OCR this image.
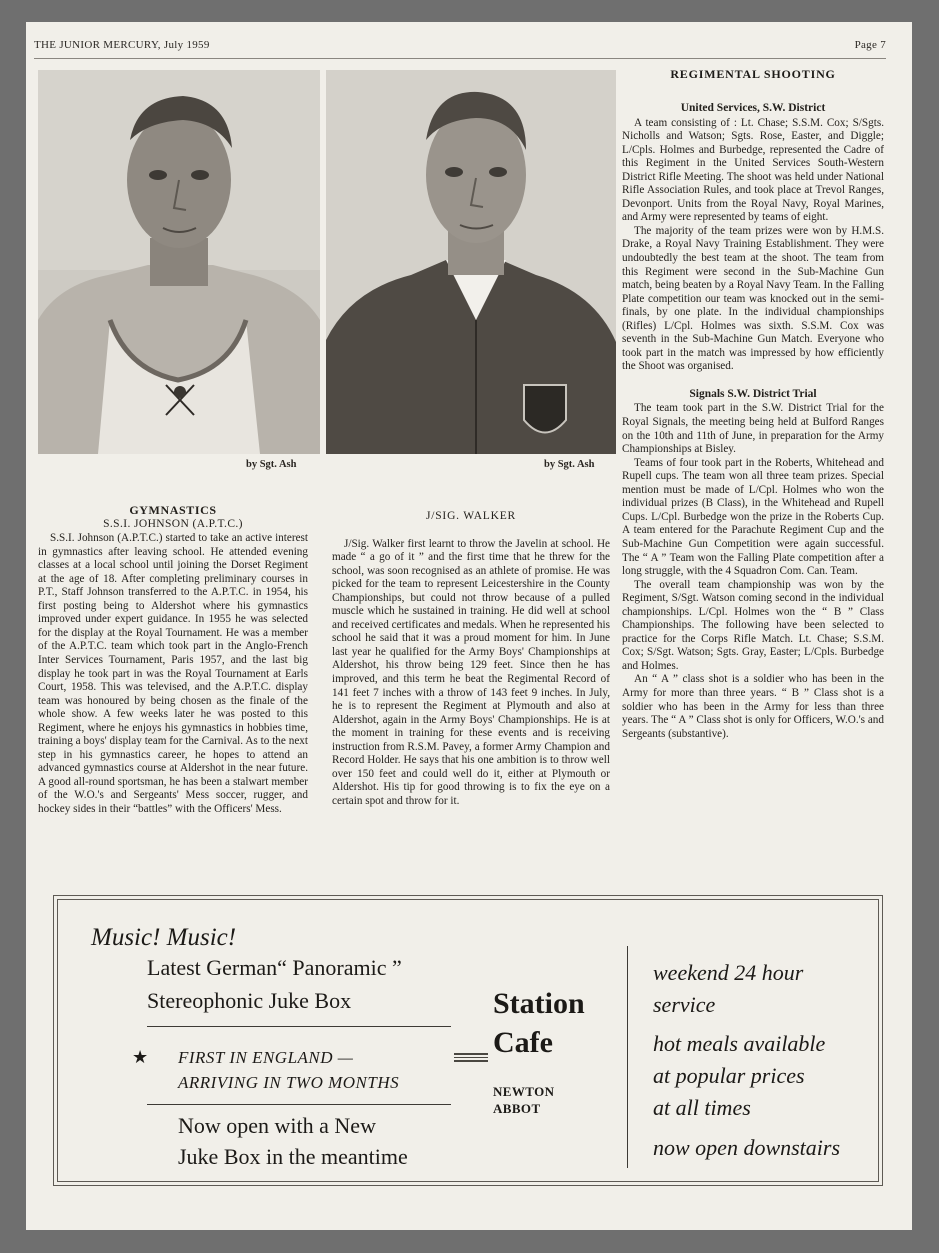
THE JUNIOR MERCURY, July 1959	Page 7
by Sgt. Ash	by Sgt. Ash
GYMNASTICS
S.S.I. JOHNSON (A.P.T.C.)

S.S.I. Johnson (A.P.T.C.) started to take an active interest in gymnastics after leaving school. He attended evening classes at a local school until joining the Dorset Regiment at the age of 18. After completing preliminary courses in P.T., Staff Johnson transferred to the A.P.T.C. in 1954, his first posting being to Aldershot where his gymnastics improved under expert guidance. In 1955 he was selected for the display at the Royal Tournament. He was a member of the A.P.T.C. team which took part in the Anglo-French Inter Services Tournament, Paris 1957, and the last big display he took part in was the Royal Tournament at Earls Court, 1958. This was televised, and the A.P.T.C. display team was honoured by being chosen as the finale of the whole show. A few weeks later he was posted to this Regiment, where he enjoys his gymnastics in hobbies time, training a boys' display team for the Carnival. As to the next step in his gymnastics career, he hopes to attend an advanced gymnastics course at Aldershot in the near future. A good all-round sportsman, he has been a stalwart member of the W.O.'s and Sergeants' Mess soccer, rugger, and hockey sides in their “battles” with the Officers' Mess.

J/SIG. WALKER

J/Sig. Walker first learnt to throw the Javelin at school. He made “ a go of it ” and the first time that he threw for the school, was soon recognised as an athlete of promise. He was picked for the team to represent Leicestershire in the County Championships, but could not throw because of a pulled muscle which he sustained in training. He did well at school and received certificates and medals. When he represented his school he said that it was a proud moment for him. In June last year he qualified for the Army Boys' Championships at Aldershot, his throw being 129 feet. Since then he has improved, and this term he beat the Regimental Record of 141 feet 7 inches with a throw of 143 feet 9 inches. In July, he is to represent the Regiment at Plymouth and also at Aldershot, again in the Army Boys' Championships. He is at the moment in training for these events and is receiving instruction from R.S.M. Pavey, a former Army Champion and Record Holder. He says that his one ambition is to throw well over 150 feet and could well do it, either at Plymouth or Aldershot. His tip for good throwing is to fix the eye on a certain spot and throw for it.

REGIMENTAL SHOOTING
United Services, S.W. District

A team consisting of : Lt. Chase; S.S.M. Cox; S/Sgts. Nicholls and Watson; Sgts. Rose, Easter, and Diggle; L/Cpls. Holmes and Burbedge, represented the Cadre of this Regiment in the United Services South-Western District Rifle Meeting. The shoot was held under National Rifle Association Rules, and took place at Trevol Ranges, Devonport. Units from the Royal Navy, Royal Marines, and Army were represented by teams of eight.

The majority of the team prizes were won by H.M.S. Drake, a Royal Navy Training Establishment. They were undoubtedly the best team at the shoot. The team from this Regiment were second in the Sub-Machine Gun match, being beaten by a Royal Navy Team. In the Falling Plate competition our team was knocked out in the semi-finals, by one plate. In the individual championships (Rifles) L/Cpl. Holmes was sixth. S.S.M. Cox was seventh in the Sub-Machine Gun Match. Everyone who took part in the match was impressed by how efficiently the Shoot was organised.

Signals S.W. District Trial

The team took part in the S.W. District Trial for the Royal Signals, the meeting being held at Bulford Ranges on the 10th and 11th of June, in preparation for the Army Championships at Bisley.

Teams of four took part in the Roberts, Whitehead and Rupell cups. The team won all three team prizes. Special mention must be made of L/Cpl. Holmes who won the individual prizes (B Class), in the Whitehead and Rupell Cups. L/Cpl. Burbedge won the prize in the Roberts Cup. A team entered for the Parachute Regiment Cup and the Sub-Machine Gun Competition were again successful. The “ A ” Team won the Falling Plate competition after a long struggle, with the 4 Squadron Com. Can. Team.

The overall team championship was won by the Regiment, S/Sgt. Watson coming second in the individual championships. L/Cpl. Holmes won the “ B ” Class Championships. The following have been selected to practice for the Corps Rifle Match. Lt. Chase; S.S.M. Cox; S/Sgt. Watson; Sgts. Gray, Easter; L/Cpls. Burbedge and Holmes.

An “ A ” class shot is a soldier who has been in the Army for more than three years. “ B ” Class shot is a soldier who has been in the Army for less than three years. The “ A ” Class shot is only for Officers, W.O.'s and Sergeants (substantive).

Music! Music!
Latest German“ Panoramic ”
Stereophonic Juke Box
★ FIRST IN ENGLAND —
ARRIVING IN TWO MONTHS
Now open with a New
Juke Box in the meantime
Station
Cafe
NEWTON
ABBOT
weekend 24 hour
service
hot meals available
at popular prices
at all times
now open downstairs
